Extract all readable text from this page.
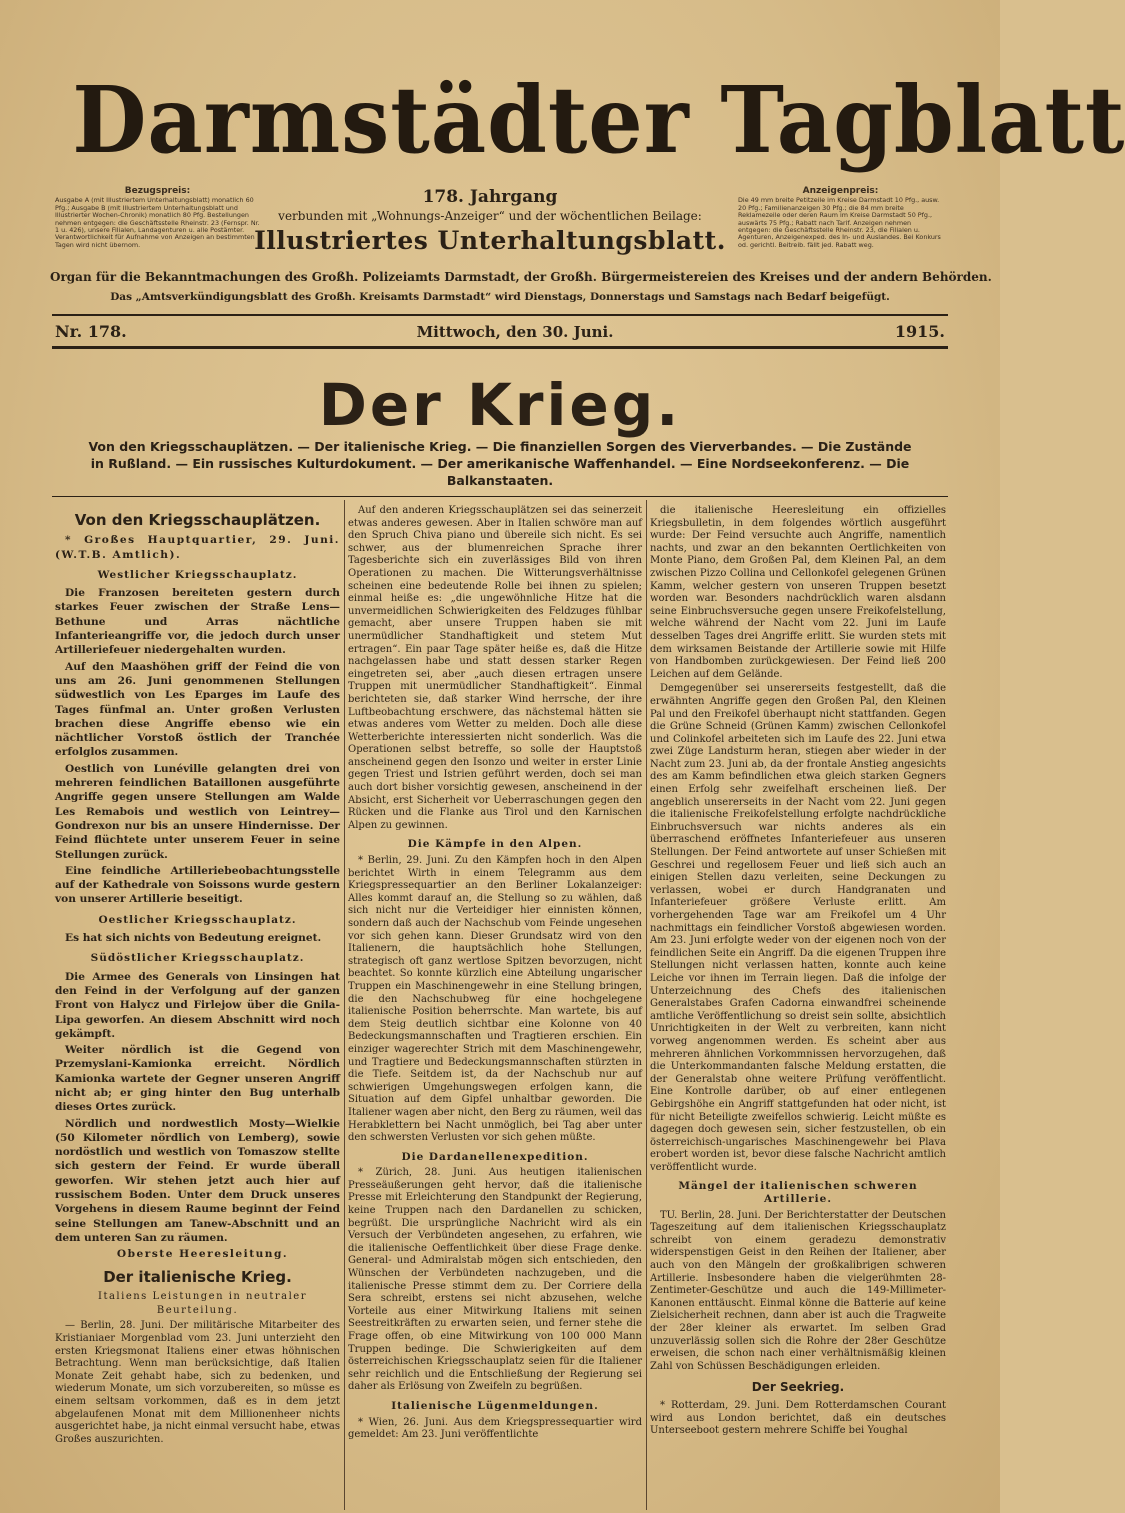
Darmstädter Tagblatt
Bezugspreis:
Ausgabe A (mit Illustriertem Unterhaltungsblatt) monatlich 60 Pfg.; Ausgabe B (mit Illustriertem Unterhaltungsblatt und Illustrierter Wochen-Chronik) monatlich 80 Pfg. Bestellungen nehmen entgegen: die Geschäftsstelle Rheinstr. 23 (Fernspr. Nr. 1 u. 426), unsere Filialen, Landagenturen u. alle Postämter. Verantwortlichkeit für Aufnahme von Anzeigen an bestimmten Tagen wird nicht übernom.
178. Jahrgang
verbunden mit „Wohnungs-Anzeiger“ und der wöchentlichen Beilage:
Illustriertes Unterhaltungsblatt.
Anzeigenpreis:
Die 49 mm breite Petitzeile im Kreise Darmstadt 10 Pfg., ausw. 20 Pfg.; Familienanzeigen 30 Pfg.; die 84 mm breite Reklamezeile oder deren Raum im Kreise Darmstadt 50 Pfg., auswärts 75 Pfg.; Rabatt nach Tarif. Anzeigen nehmen entgegen: die Geschäftsstelle Rheinstr. 23, die Filialen u. Agenturen, Anzeigenexped. des In- und Auslandes. Bei Konkurs od. gerichtl. Beitreib. fällt jed. Rabatt weg.
Organ für die Bekanntmachungen des Großh. Polizeiamts Darmstadt, der Großh. Bürgermeistereien des Kreises und der andern Behörden.
Das „Amtsverkündigungsblatt des Großh. Kreisamts Darmstadt“ wird Dienstags, Donnerstags und Samstags nach Bedarf beigefügt.
Nr. 178.	Mittwoch, den 30. Juni.	1915.
Der Krieg.
Von den Kriegsschauplätzen. — Der italienische Krieg. — Die finanziellen Sorgen des Vierverbandes. — Die Zustände in Rußland. — Ein russisches Kulturdokument. — Der amerikanische Waffenhandel. — Eine Nordseekonferenz. — Die Balkanstaaten.
Von den Kriegsschauplätzen.

* Großes Hauptquartier, 29. Juni. (W.T.B. Amtlich).

Westlicher Kriegsschauplatz.

Die Franzosen bereiteten gestern durch starkes Feuer zwischen der Straße Lens—Bethune und Arras nächtliche Infanterieangriffe vor, die jedoch durch unser Artilleriefeuer niedergehalten wurden.

Auf den Maashöhen griff der Feind die von uns am 26. Juni genommenen Stellungen südwestlich von Les Eparges im Laufe des Tages fünfmal an. Unter großen Verlusten brachen diese Angriffe ebenso wie ein nächtlicher Vorstoß östlich der Tranchée erfolglos zusammen.

Oestlich von Lunéville gelangten drei von mehreren feindlichen Bataillonen ausgeführte Angriffe gegen unsere Stellungen am Walde Les Remabois und westlich von Leintrey—Gondrexon nur bis an unsere Hindernisse. Der Feind flüchtete unter unserem Feuer in seine Stellungen zurück.

Eine feindliche Artilleriebeobachtungsstelle auf der Kathedrale von Soissons wurde gestern von unserer Artillerie beseitigt.

Oestlicher Kriegsschauplatz.

Es hat sich nichts von Bedeutung ereignet.

Südöstlicher Kriegsschauplatz.

Die Armee des Generals von Linsingen hat den Feind in der Verfolgung auf der ganzen Front von Halycz und Firlejow über die Gnila-Lipa geworfen. An diesem Abschnitt wird noch gekämpft.

Weiter nördlich ist die Gegend von Przemyslani-Kamionka erreicht. Nördlich Kamionka wartete der Gegner unseren Angriff nicht ab; er ging hinter den Bug unterhalb dieses Ortes zurück.

Nördlich und nordwestlich Mosty—Wielkie (50 Kilometer nördlich von Lemberg), sowie nordöstlich und westlich von Tomaszow stellte sich gestern der Feind. Er wurde überall geworfen. Wir stehen jetzt auch hier auf russischem Boden. Unter dem Druck unseres Vorgehens in diesem Raume beginnt der Feind seine Stellungen am Tanew-Abschnitt und an dem unteren San zu räumen.

Oberste Heeresleitung.

Der italienische Krieg.

Italiens Leistungen in neutraler Beurteilung.

— Berlin, 28. Juni. Der militärische Mitarbeiter des Kristianiaer Morgenblad vom 23. Juni unterzieht den ersten Kriegsmonat Italiens einer etwas höhnischen Betrachtung. Wenn man berücksichtige, daß Italien Monate Zeit gehabt habe, sich zu bedenken, und wiederum Monate, um sich vorzubereiten, so müsse es einem seltsam vorkommen, daß es in dem jetzt abgelaufenen Monat mit dem Millionenheer nichts ausgerichtet habe, ja nicht einmal versucht habe, etwas Großes auszurichten.

Auf den anderen Kriegsschauplätzen sei das seinerzeit etwas anderes gewesen. Aber in Italien schwöre man auf den Spruch Chiva piano und übereile sich nicht. Es sei schwer, aus der blumenreichen Sprache ihrer Tagesberichte sich ein zuverlässiges Bild von ihren Operationen zu machen. Die Witterungsverhältnisse scheinen eine bedeutende Rolle bei ihnen zu spielen; einmal heiße es: „die ungewöhnliche Hitze hat die unvermeidlichen Schwierigkeiten des Feldzuges fühlbar gemacht, aber unsere Truppen haben sie mit unermüdlicher Standhaftigkeit und stetem Mut ertragen“. Ein paar Tage später heiße es, daß die Hitze nachgelassen habe und statt dessen starker Regen eingetreten sei, aber „auch diesen ertragen unsere Truppen mit unermüdlicher Standhaftigkeit“. Einmal berichteten sie, daß starker Wind herrsche, der ihre Luftbeobachtung erschwere, das nächstemal hätten sie etwas anderes vom Wetter zu melden. Doch alle diese Wetterberichte interessierten nicht sonderlich. Was die Operationen selbst betreffe, so solle der Hauptstoß anscheinend gegen den Isonzo und weiter in erster Linie gegen Triest und Istrien geführt werden, doch sei man auch dort bisher vorsichtig gewesen, anscheinend in der Absicht, erst Sicherheit vor Ueberraschungen gegen den Rücken und die Flanke aus Tirol und den Karnischen Alpen zu gewinnen.

Die Kämpfe in den Alpen.

* Berlin, 29. Juni. Zu den Kämpfen hoch in den Alpen berichtet Wirth in einem Telegramm aus dem Kriegspressequartier an den Berliner Lokalanzeiger: Alles kommt darauf an, die Stellung so zu wählen, daß sich nicht nur die Verteidiger hier einnisten können, sondern daß auch der Nachschub vom Feinde ungesehen vor sich gehen kann. Dieser Grundsatz wird von den Italienern, die hauptsächlich hohe Stellungen, strategisch oft ganz wertlose Spitzen bevorzugen, nicht beachtet. So konnte kürzlich eine Abteilung ungarischer Truppen ein Maschinengewehr in eine Stellung bringen, die den Nachschubweg für eine hochgelegene italienische Position beherrschte. Man wartete, bis auf dem Steig deutlich sichtbar eine Kolonne von 40 Bedeckungsmannschaften und Tragtieren erschien. Ein einziger wagerechter Strich mit dem Maschinengewehr, und Tragtiere und Bedeckungsmannschaften stürzten in die Tiefe. Seitdem ist, da der Nachschub nur auf schwierigen Umgehungswegen erfolgen kann, die Situation auf dem Gipfel unhaltbar geworden. Die Italiener wagen aber nicht, den Berg zu räumen, weil das Herabklettern bei Nacht unmöglich, bei Tag aber unter den schwersten Verlusten vor sich gehen müßte.

Die Dardanellenexpedition.

* Zürich, 28. Juni. Aus heutigen italienischen Presseäußerungen geht hervor, daß die italienische Presse mit Erleichterung den Standpunkt der Regierung, keine Truppen nach den Dardanellen zu schicken, begrüßt. Die ursprüngliche Nachricht wird als ein Versuch der Verbündeten angesehen, zu erfahren, wie die italienische Oeffentlichkeit über diese Frage denke. General- und Admiralstab mögen sich entschieden, den Wünschen der Verbündeten nachzugeben, und die italienische Presse stimmt dem zu. Der Corriere della Sera schreibt, erstens sei nicht abzusehen, welche Vorteile aus einer Mitwirkung Italiens mit seinen Seestreitkräften zu erwarten seien, und ferner stehe die Frage offen, ob eine Mitwirkung von 100 000 Mann Truppen bedinge. Die Schwierigkeiten auf dem österreichischen Kriegsschauplatz seien für die Italiener sehr reichlich und die Entschließung der Regierung sei daher als Erlösung von Zweifeln zu begrüßen.

Italienische Lügenmeldungen.

* Wien, 26. Juni. Aus dem Kriegspressequartier wird gemeldet: Am 23. Juni veröffentlichte

die italienische Heeresleitung ein offizielles Kriegsbulletin, in dem folgendes wörtlich ausgeführt wurde: Der Feind versuchte auch Angriffe, namentlich nachts, und zwar an den bekannten Oertlichkeiten von Monte Piano, dem Großen Pal, dem Kleinen Pal, an dem zwischen Pizzo Collina und Cellonkofel gelegenen Grünen Kamm, welcher gestern von unseren Truppen besetzt worden war. Besonders nachdrücklich waren alsdann seine Einbruchsversuche gegen unsere Freikofelstellung, welche während der Nacht vom 22. Juni im Laufe desselben Tages drei Angriffe erlitt. Sie wurden stets mit dem wirksamen Beistande der Artillerie sowie mit Hilfe von Handbomben zurückgewiesen. Der Feind ließ 200 Leichen auf dem Gelände.

Demgegenüber sei unsererseits festgestellt, daß die erwähnten Angriffe gegen den Großen Pal, den Kleinen Pal und den Freikofel überhaupt nicht stattfanden. Gegen die Grüne Schneid (Grünen Kamm) zwischen Cellonkofel und Colinkofel arbeiteten sich im Laufe des 22. Juni etwa zwei Züge Landsturm heran, stiegen aber wieder in der Nacht zum 23. Juni ab, da der frontale Anstieg angesichts des am Kamm befindlichen etwa gleich starken Gegners einen Erfolg sehr zweifelhaft erscheinen ließ. Der angeblich unsererseits in der Nacht vom 22. Juni gegen die italienische Freikofelstellung erfolgte nachdrückliche Einbruchsversuch war nichts anderes als ein überraschend eröffnetes Infanteriefeuer aus unseren Stellungen. Der Feind antwortete auf unser Schießen mit Geschrei und regellosem Feuer und ließ sich auch an einigen Stellen dazu verleiten, seine Deckungen zu verlassen, wobei er durch Handgranaten und Infanteriefeuer größere Verluste erlitt. Am vorhergehenden Tage war am Freikofel um 4 Uhr nachmittags ein feindlicher Vorstoß abgewiesen worden. Am 23. Juni erfolgte weder von der eigenen noch von der feindlichen Seite ein Angriff. Da die eigenen Truppen ihre Stellungen nicht verlassen hatten, konnte auch keine Leiche vor ihnen im Terrain liegen. Daß die infolge der Unterzeichnung des Chefs des italienischen Generalstabes Grafen Cadorna einwandfrei scheinende amtliche Veröffentlichung so dreist sein sollte, absichtlich Unrichtigkeiten in der Welt zu verbreiten, kann nicht vorweg angenommen werden. Es scheint aber aus mehreren ähnlichen Vorkommnissen hervorzugehen, daß die Unterkommandanten falsche Meldung erstatten, die der Generalstab ohne weitere Prüfung veröffentlicht. Eine Kontrolle darüber, ob auf einer entlegenen Gebirgshöhe ein Angriff stattgefunden hat oder nicht, ist für nicht Beteiligte zweifellos schwierig. Leicht müßte es dagegen doch gewesen sein, sicher festzustellen, ob ein österreichisch-ungarisches Maschinengewehr bei Plava erobert worden ist, bevor diese falsche Nachricht amtlich veröffentlicht wurde.

Mängel der italienischen schweren Artillerie.

TU. Berlin, 28. Juni. Der Berichterstatter der Deutschen Tageszeitung auf dem italienischen Kriegsschauplatz schreibt von einem geradezu demonstrativ widerspenstigen Geist in den Reihen der Italiener, aber auch von den Mängeln der großkalibrigen schweren Artillerie. Insbesondere haben die vielgerühmten 28-Zentimeter-Geschütze und auch die 149-Millimeter-Kanonen enttäuscht. Einmal könne die Batterie auf keine Zielsicherheit rechnen, dann aber ist auch die Tragweite der 28er kleiner als erwartet. Im selben Grad unzuverlässig sollen sich die Rohre der 28er Geschütze erweisen, die schon nach einer verhältnismäßig kleinen Zahl von Schüssen Beschädigungen erleiden.

Der Seekrieg.

* Rotterdam, 29. Juni. Dem Rotterdamschen Courant wird aus London berichtet, daß ein deutsches Unterseeboot gestern mehrere Schiffe bei Youghal
